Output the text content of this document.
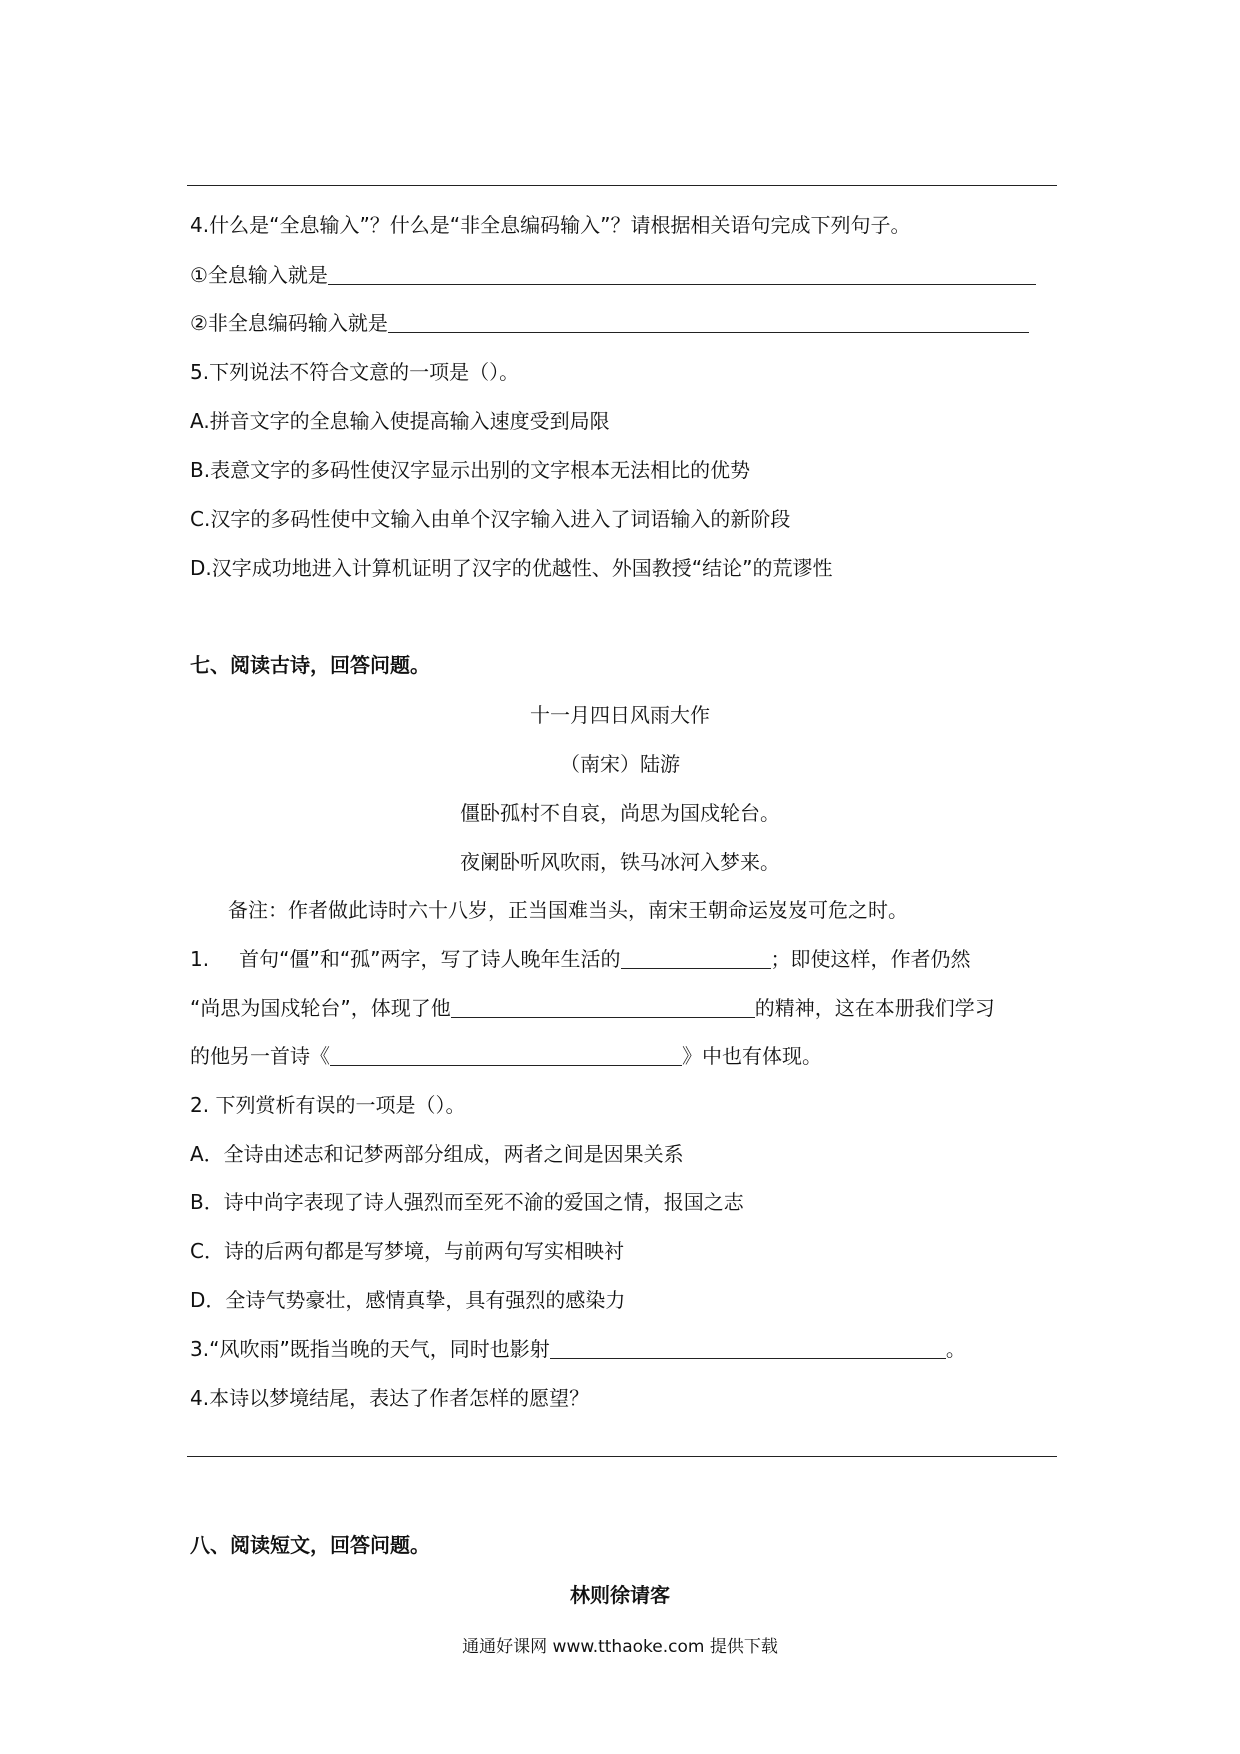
4.什么是“全息输入”？什么是“非全息编码输入”？请根据相关语句完成下列句子。
①全息输入就是
②非全息编码输入就是
5.下列说法不符合文意的一项是（）。
A.拼音文字的全息输入使提高输入速度受到局限
B.表意文字的多码性使汉字显示出别的文字根本无法相比的优势
C.汉字的多码性使中文输入由单个汉字输入进入了词语输入的新阶段
D.汉字成功地进入计算机证明了汉字的优越性、外国教授“结论”的荒谬性
七、阅读古诗，回答问题。
十一月四日风雨大作
（南宋）陆游
僵卧孤村不自哀，尚思为国戍轮台。
夜阑卧听风吹雨，铁马冰河入梦来。
备注：作者做此诗时六十八岁，正当国难当头，南宋王朝命运岌岌可危之时。
1. 首句“僵”和“孤”两字，写了诗人晚年生活的	；即使这样，作者仍然
“尚思为国戍轮台”，体现了他	的精神，这在本册我们学习
的他另一首诗《	》中也有体现。
2. 下列赏析有误的一项是（）。
A．全诗由述志和记梦两部分组成，两者之间是因果关系
B．诗中尚字表现了诗人强烈而至死不渝的爱国之情，报国之志
C．诗的后两句都是写梦境，与前两句写实相映衬
D．全诗气势豪壮，感情真挚，具有强烈的感染力
3.“风吹雨”既指当晚的天气，同时也影射	。
4.本诗以梦境结尾，表达了作者怎样的愿望？
八、阅读短文，回答问题。
林则徐请客
通通好课网 www.tthaoke.com 提供下载
